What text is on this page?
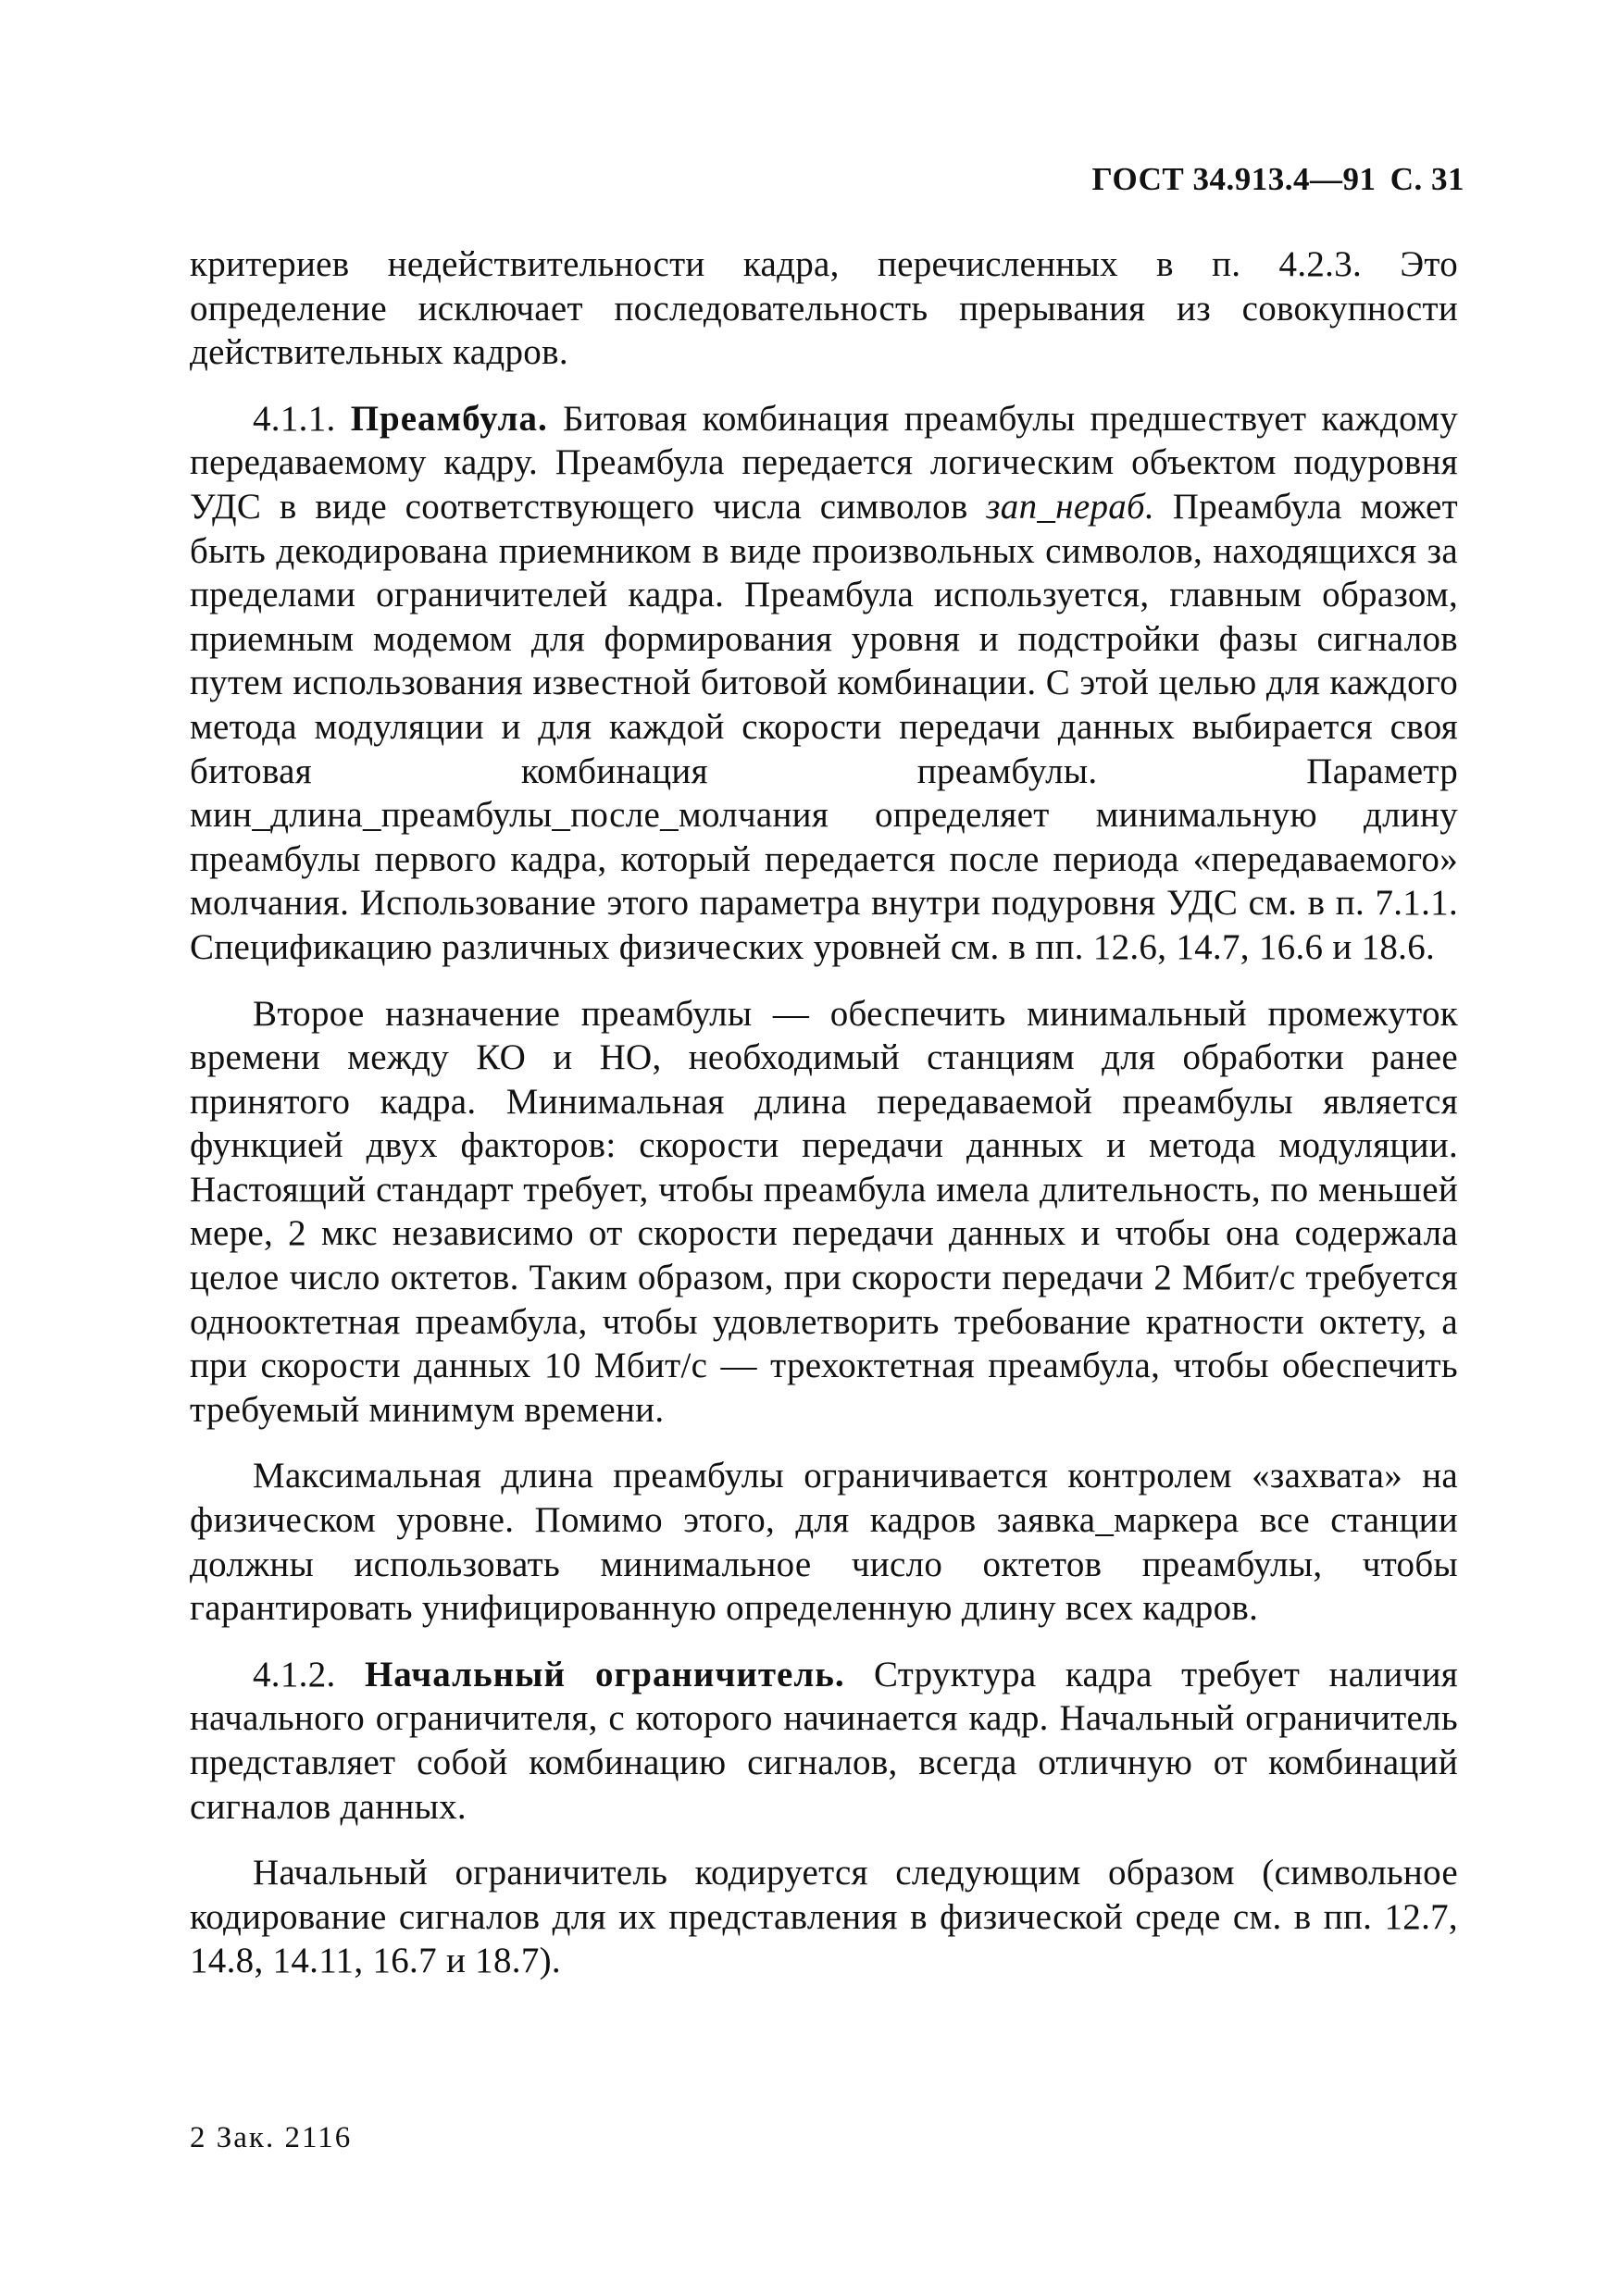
ГОСТ 34.913.4—91 С. 31

критериев недействительности кадра, перечисленных в п. 4.2.3. Это определение исключает последовательность прерывания из совокупности действительных кадров.

4.1.1. Преамбула. Битовая комбинация преамбулы предшествует каждому передаваемому кадру. Преамбула передается логическим объектом подуровня УДС в виде соответствующего числа символов зап_нераб. Преамбула может быть декодирована приемником в виде произвольных символов, находящихся за пределами ограничителей кадра. Преамбула используется, главным образом, приемным модемом для формирования уровня и подстройки фазы сигналов путем использования известной битовой комбинации. С этой целью для каждого метода модуляции и для каждой скорости передачи данных выбирается своя битовая комбинация преамбулы. Параметр мин_длина_преамбулы_после_молчания определяет минимальную длину преамбулы первого кадра, который передается после периода «передаваемого» молчания. Использование этого параметра внутри подуровня УДС см. в п. 7.1.1. Спецификацию различных физических уровней см. в пп. 12.6, 14.7, 16.6 и 18.6.

Второе назначение преамбулы — обеспечить минимальный промежуток времени между КО и НО, необходимый станциям для обработки ранее принятого кадра. Минимальная длина передаваемой преамбулы является функцией двух факторов: скорости передачи данных и метода модуляции. Настоящий стандарт требует, чтобы преамбула имела длительность, по меньшей мере, 2 мкс независимо от скорости передачи данных и чтобы она содержала целое число октетов. Таким образом, при скорости передачи 2 Мбит/с требуется однооктетная преамбула, чтобы удовлетворить требование кратности октету, а при скорости данных 10 Мбит/с — трехоктетная преамбула, чтобы обеспечить требуемый минимум времени.

Максимальная длина преамбулы ограничивается контролем «захвата» на физическом уровне. Помимо этого, для кадров заявка_маркера все станции должны использовать минимальное число октетов преамбулы, чтобы гарантировать унифицированную определенную длину всех кадров.

4.1.2. Начальный ограничитель. Структура кадра требует наличия начального ограничителя, с которого начинается кадр. Начальный ограничитель представляет собой комбинацию сигналов, всегда отличную от комбинаций сигналов данных.

Начальный ограничитель кодируется следующим образом (символьное кодирование сигналов для их представления в физической среде см. в пп. 12.7, 14.8, 14.11, 16.7 и 18.7).

2 Зак. 2116
